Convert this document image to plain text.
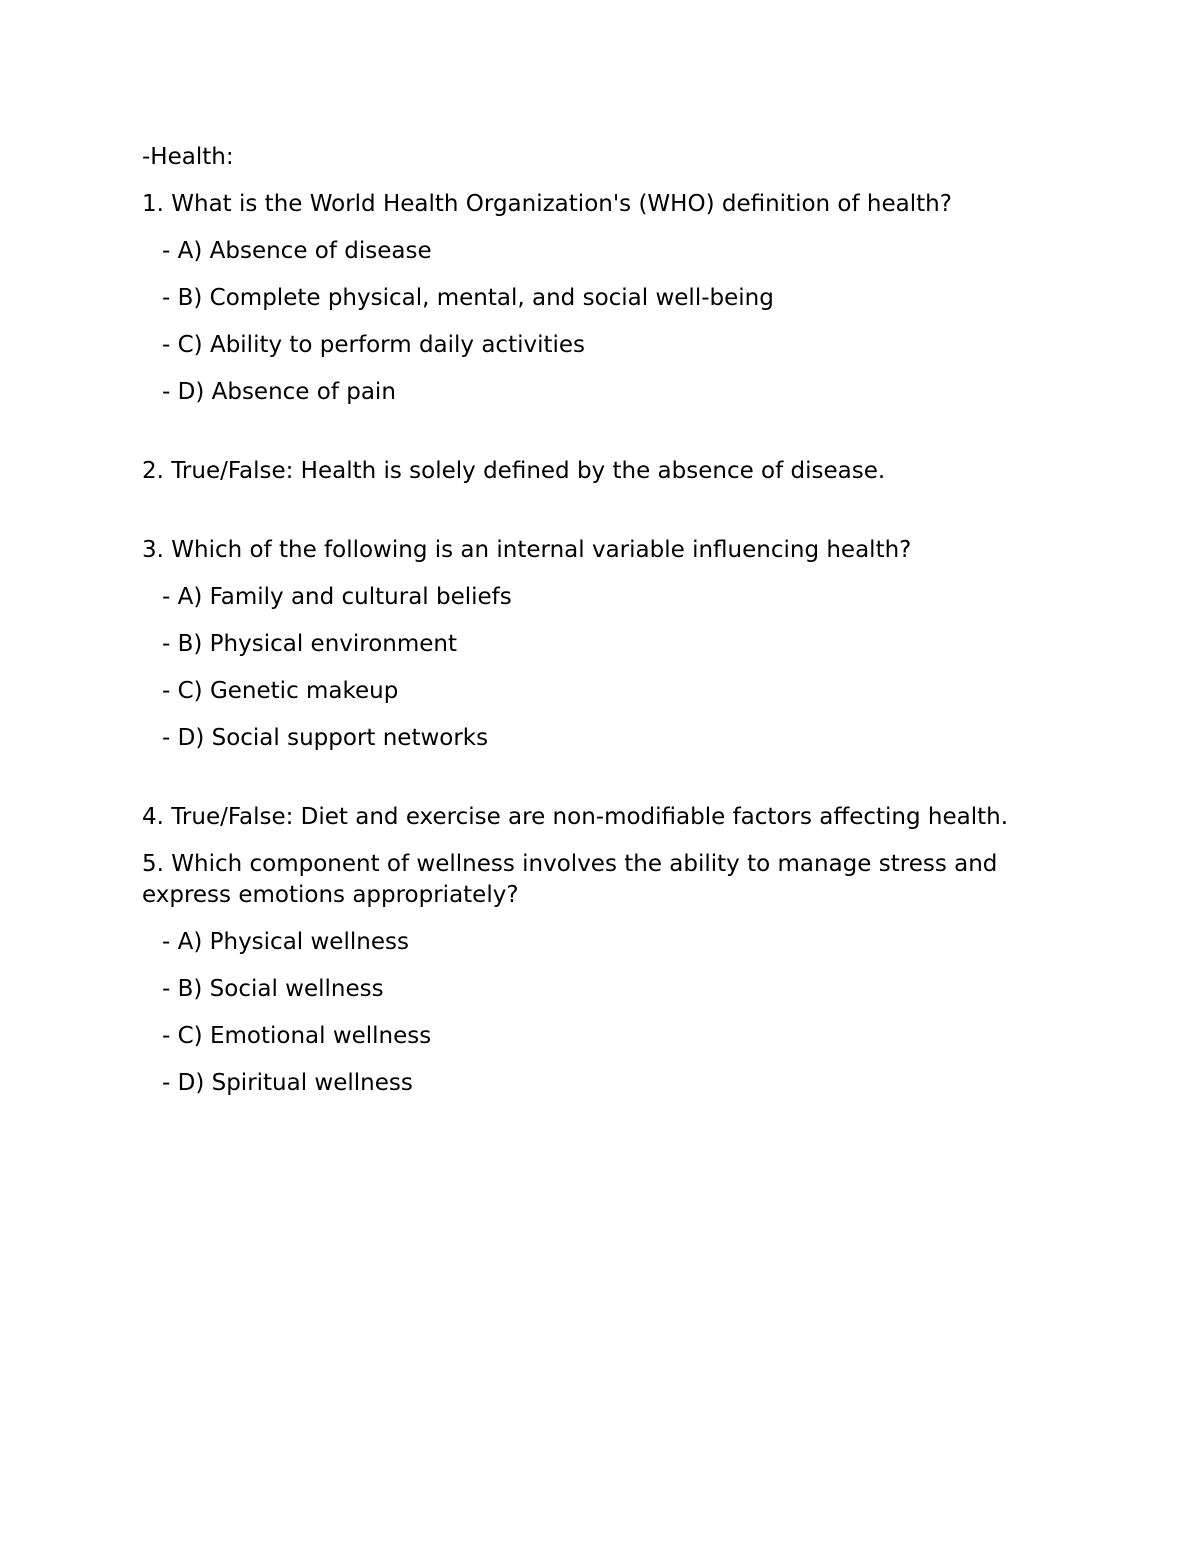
-Health:

1. What is the World Health Organization's (WHO) definition of health?

- A) Absence of disease

- B) Complete physical, mental, and social well-being

- C) Ability to perform daily activities

- D) Absence of pain

2. True/False: Health is solely defined by the absence of disease.

3. Which of the following is an internal variable influencing health?

- A) Family and cultural beliefs

- B) Physical environment

- C) Genetic makeup

- D) Social support networks

4. True/False: Diet and exercise are non-modifiable factors affecting health.

5. Which component of wellness involves the ability to manage stress and express emotions appropriately?

- A) Physical wellness

- B) Social wellness

- C) Emotional wellness

- D) Spiritual wellness
